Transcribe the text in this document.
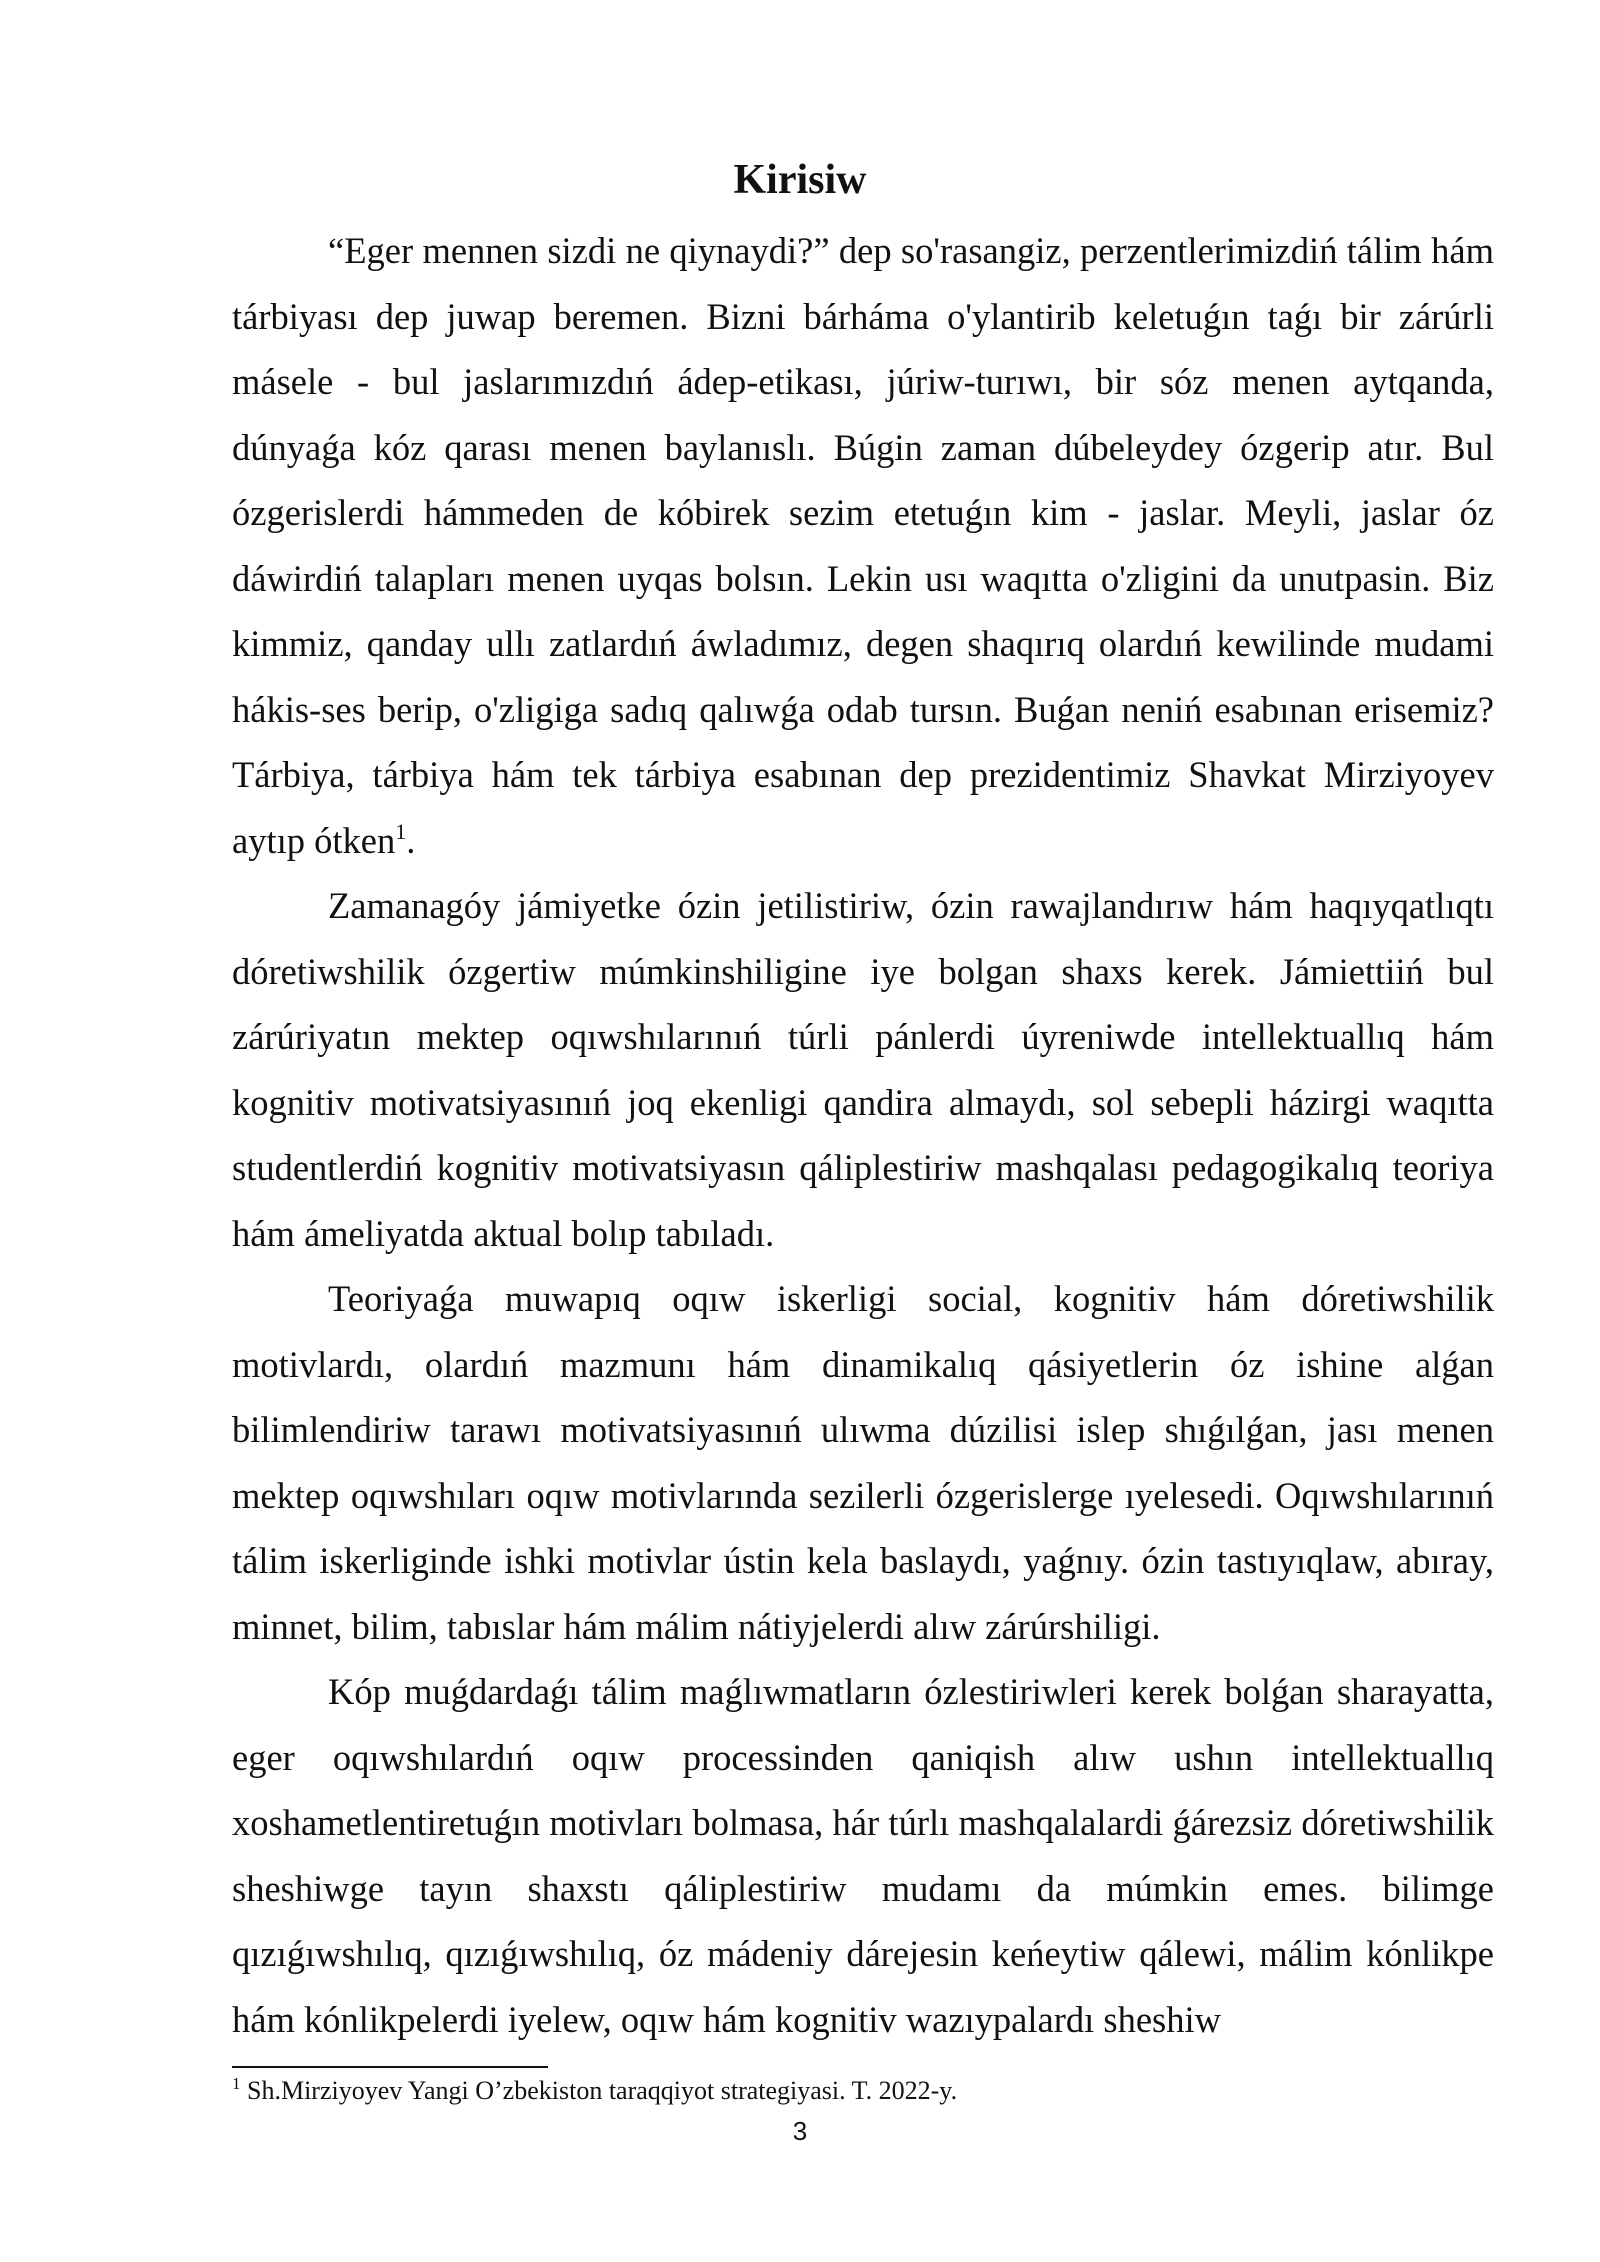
Kirisiw

“Eger mennen sizdi ne qiynaydi?” dep so'rasangiz, perzentlerimizdiń tálim hám tárbiyası dep juwap beremen. Bizni bárháma o'ylantirib keletuǵın taǵı bir zárúrli másele - bul jaslarımızdıń ádep-etikası, júriw-turıwı, bir sóz menen aytqanda, dúnyaǵa kóz qarası menen baylanıslı. Búgin zaman dúbeleydey ózgerip atır. Bul ózgerislerdi hámmeden de kóbirek sezim etetuǵın kim - jaslar. Meyli, jaslar óz dáwirdiń talapları menen uyqas bolsın. Lekin usı waqıtta o'zligini da unutpasin. Biz kimmiz, qanday ullı zatlardıń áwladımız, degen shaqırıq olardıń kewilinde mudami hákis-ses berip, o'zligiga sadıq qalıwǵa odab tursın. Buǵan neniń esabınan erisemiz? Tárbiya, tárbiya hám tek tárbiya esabınan dep prezidentimiz Shavkat Mirziyoyev aytıp ótken$^1$.

Zamanagóy jámiyetke ózin jetilistiriw, ózin rawajlandırıw hám haqıyqatlıqtı dóretiwshilik ózgertiw múmkinshiligine iye bolgan shaxs kerek. Jámiettiiń bul zárúriyatın mektep oqıwshılarınıń túrli pánlerdi úyreniwde intellektuallıq hám kognitiv motivatsiyasınıń joq ekenligi qandira almaydı, sol sebepli házirgi waqıtta studentlerdiń kognitiv motivatsiyasın qáliplestiriw mashqalası pedagogikalıq teoriya hám ámeliyatda aktual bolıp tabıladı.

Teoriyaǵa muwapıq oqıw iskerligi social, kognitiv hám dóretiwshilik motivlardı, olardıń mazmunı hám dinamikalıq qásiyetlerin óz ishine alǵan bilimlendiriw tarawı motivatsiyasınıń ulıwma dúzilisi islep shıǵılǵan, jası menen mektep oqıwshıları oqıw motivlarında sezilerli ózgerislerge ıyelesedi. Oqıwshılarınıń tálim iskerliginde ishki motivlar ústin kela baslaydı, yaǵnıy. ózin tastıyıqlaw, abıray, minnet, bilim, tabıslar hám málim nátiyjelerdi alıw zárúrshiligi.

Kóp muǵdardaǵı tálim maǵlıwmatların ózlestiriwleri kerek bolǵan sharayatta, eger oqıwshılardıń oqıw processinden qaniqish alıw ushın intellektuallıq xoshametlentiretuǵın motivları bolmasa, hár túrlı mashqalalardi ǵárezsiz dóretiwshilik sheshiwge tayın shaxstı qáliplestiriw mudamı da múmkin emes. bilimge qızıǵıwshılıq, qızıǵıwshılıq, óz mádeniy dárejesin keńeytiw qálewi, málim kónlikpe hám kónlikpelerdi iyelew, oqıw hám kognitiv wazıypalardı sheshiw

$^1$ Sh.Mirziyoyev Yangi O’zbekiston taraqqiyot strategiyasi. T. 2022-y.

3
